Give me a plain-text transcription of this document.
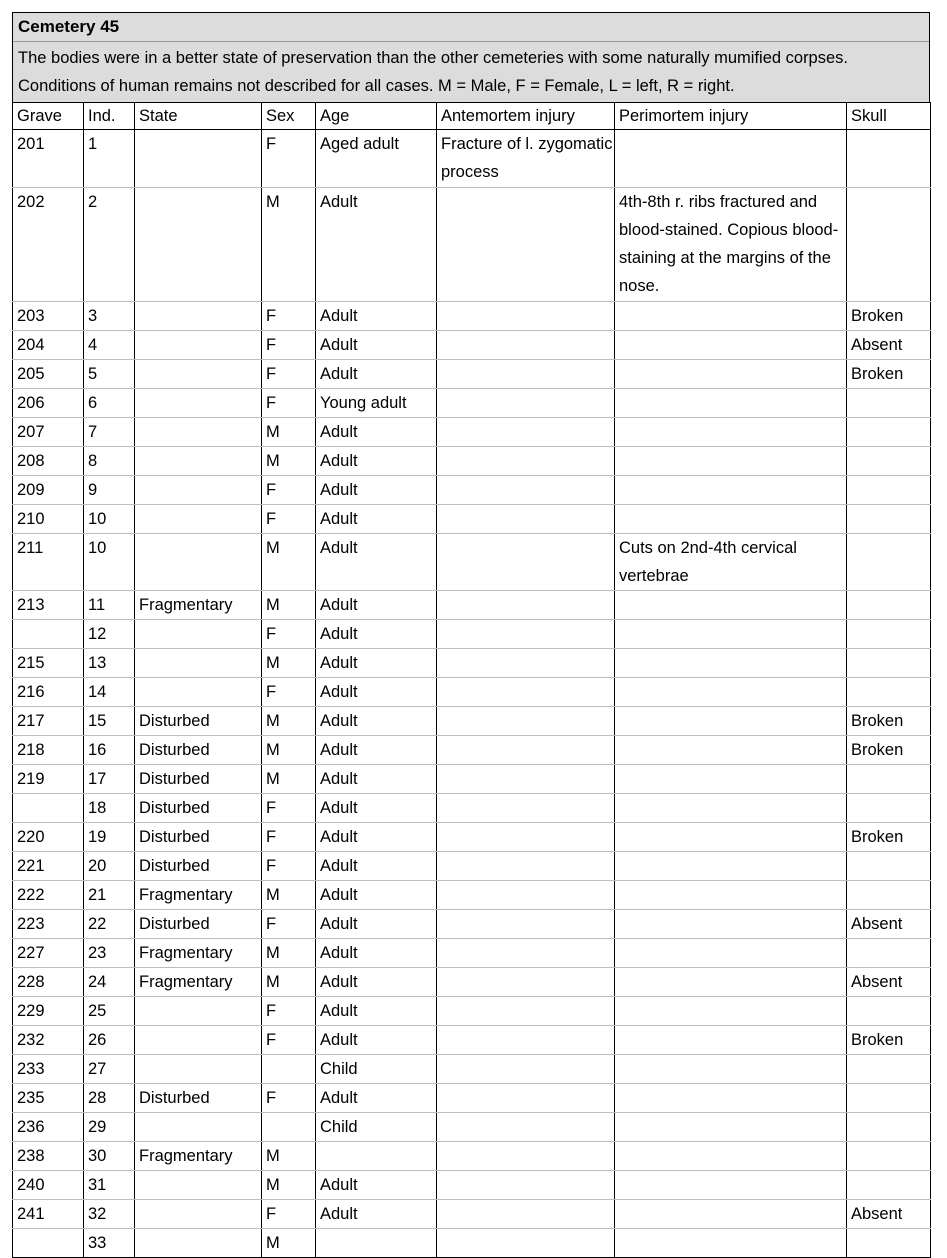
Cemetery 45
The bodies were in a better state of preservation than the other cemeteries with some naturally mumified corpses. Conditions of human remains not described for all cases. M = Male, F = Female, L = left, R = right.
Grave	Ind.	State	Sex	Age	Antemortem injury	Perimortem injury	Skull
201	1		F	Aged adult	Fracture of l. zygomatic process		
202	2		M	Adult		4th-8th r. ribs fractured and blood-stained. Copious blood-staining at the margins of the nose.	
203	3		F	Adult			Broken
204	4		F	Adult			Absent
205	5		F	Adult			Broken
206	6		F	Young adult			
207	7		M	Adult			
208	8		M	Adult			
209	9		F	Adult			
210	10		F	Adult			
211	10		M	Adult		Cuts on 2nd-4th cervical vertebrae	
213	11	Fragmentary	M	Adult			
	12		F	Adult			
215	13		M	Adult			
216	14		F	Adult			
217	15	Disturbed	M	Adult			Broken
218	16	Disturbed	M	Adult			Broken
219	17	Disturbed	M	Adult			
	18	Disturbed	F	Adult			
220	19	Disturbed	F	Adult			Broken
221	20	Disturbed	F	Adult			
222	21	Fragmentary	M	Adult			
223	22	Disturbed	F	Adult			Absent
227	23	Fragmentary	M	Adult			
228	24	Fragmentary	M	Adult			Absent
229	25		F	Adult			
232	26		F	Adult			Broken
233	27			Child			
235	28	Disturbed	F	Adult			
236	29			Child			
238	30	Fragmentary	M				
240	31		M	Adult			
241	32		F	Adult			Absent
	33		M				
